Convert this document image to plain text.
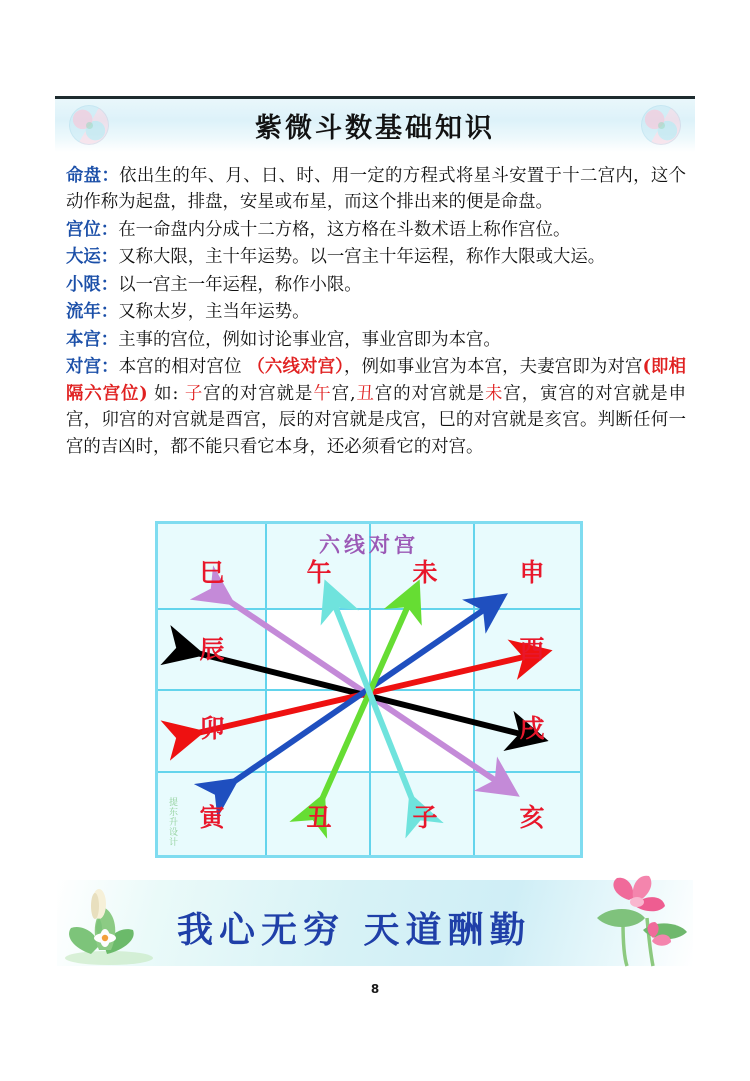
紫微斗数基础知识

命盘：依出生的年、月、日、时、用一定的方程式将星斗安置于十二宫内，这个动作称为起盘，排盘，安星或布星，而这个排出来的便是命盘。

宫位：在一命盘内分成十二方格，这方格在斗数术语上称作宫位。

大运：又称大限，主十年运势。以一宫主十年运程，称作大限或大运。

小限：以一宫主一年运程，称作小限。

流年：又称太岁，主当年运势。

本宫：主事的宫位，例如讨论事业宫，事业宫即为本宫。

对宫：本宫的相对宫位 （六线对宫），例如事业宫为本宫，夫妻宫即为对宫(即相隔六宫位) 如: 子宫的对宫就是午宫,丑宫的对宫就是未宫，寅宫的对宫就是申宫，卯宫的对宫就是酉宫，辰的对宫就是戌宫，巳的对宫就是亥宫。判断任何一宫的吉凶时，都不能只看它本身，还必须看它的对宫。

六线对宫
巳	午	未	申
辰	酉
卯	戌
寅	丑	子	亥
提东升设计
我心无穷 天道酬勤
8
